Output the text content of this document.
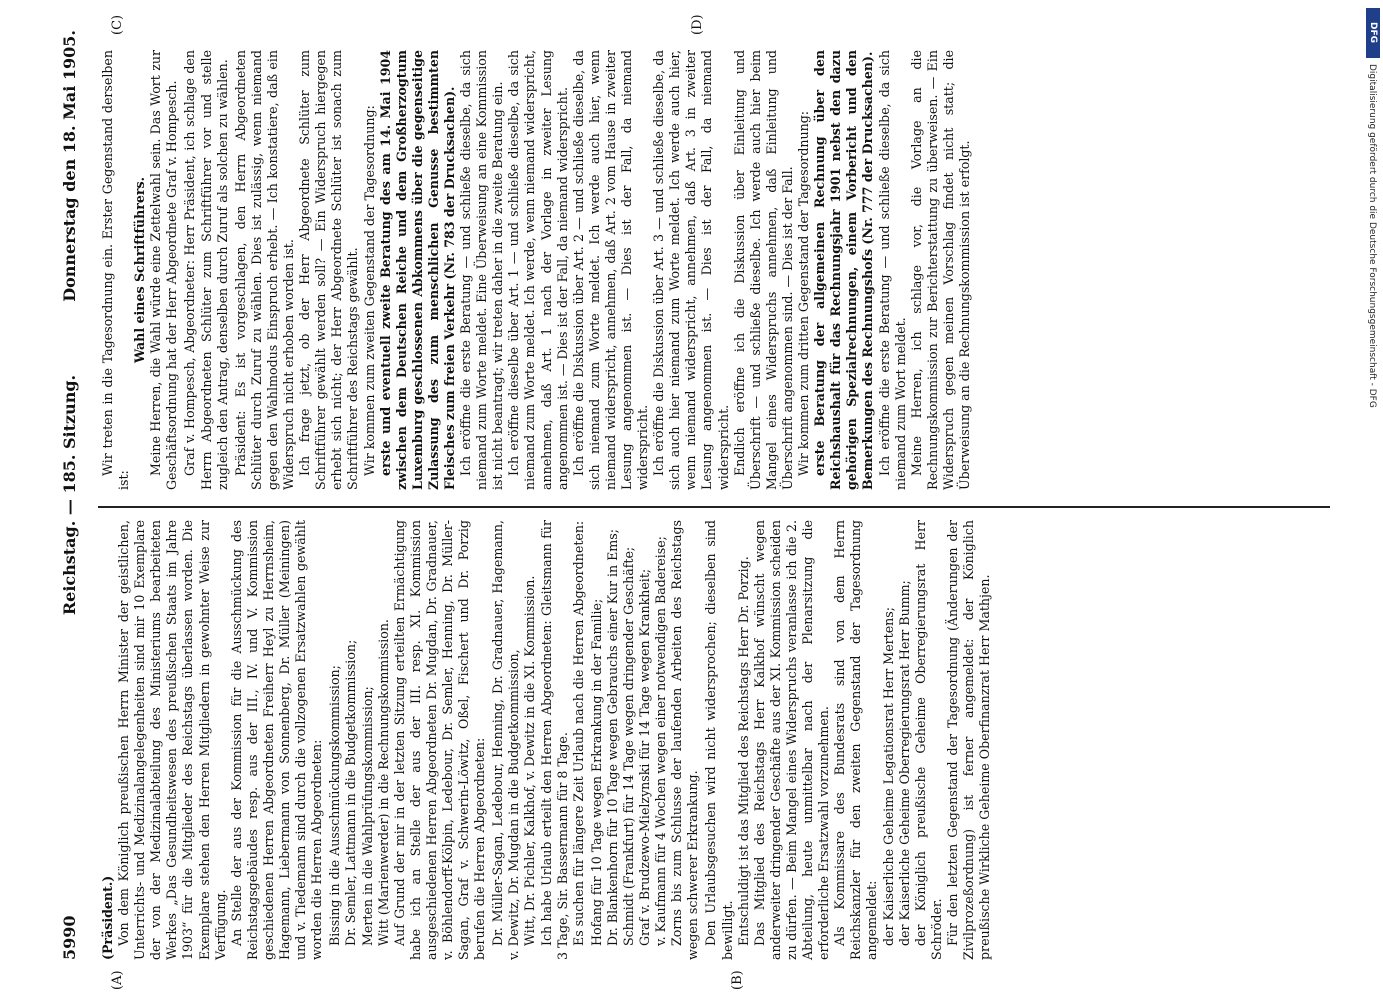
5990
Reichstag. — 185. Sitzung.
Donnerstag den 18. Mai 1905.
(A)	(B)
(C)	(D)

(Präsident.) Von dem Königlich preußischen Herrn Minister der geistlichen, Unterrichts- und Medizinalangelegenheiten sind mir 10 Exemplare der von der Medizinalabteilung des Ministeriums bearbeiteten Werkes „Das Gesundheitswesen des preußischen Staats im Jahre 1903“ für die Mitglieder des Reichstags überlassen worden. Die Exemplare stehen den Herren Mitgliedern in gewohnter Weise zur Verfügung. An Stelle der aus der Kommission für die Ausschmückung des Reichstagsgebäudes resp. aus der III., IV. und V. Kommission geschiedenen Herren Abgeordneten Freiherr Heyl zu Herrnsheim, Hagemann, Liebermann von Sonnenberg, Dr. Müller (Meiningen) und v. Tiedemann sind durch die vollzogenen Ersatzwahlen gewählt worden die Herren Abgeordneten: Bissing in die Ausschmückungskommission; Dr. Semler, Lattmann in die Budgetkommission; Merten in die Wahlprüfungskommission; Witt (Marienwerder) in die Rechnungskommission. Auf Grund der mir in der letzten Sitzung erteilten Ermächtigung habe ich an Stelle der aus der III. resp. XI. Kommission ausgeschiedenen Herren Abgeordneten Dr. Mugdan, Dr. Gradnauer, v. Böhlendorff-Kölpin, Ledebour, Dr. Semler, Henning, Dr. Müller-Sagan, Graf v. Schwerin-Löwitz, Oßel, Fischert und Dr. Porzig berufen die Herren Abgeordneten: Dr. Müller-Sagan, Ledebour, Henning, Dr. Gradnauer, Hagemann, v. Dewitz, Dr. Mugdan in die Budgetkommission, Witt, Dr. Pichler, Kalkhof, v. Dewitz in die XI. Kommission. Ich habe Urlaub erteilt den Herren Abgeordneten: Gleitsmann für 3 Tage, Sir. Bassermann für 8 Tage. Es suchen für längere Zeit Urlaub nach die Herren Abgeordneten: Hofang für 10 Tage wegen Erkrankung in der Familie; Dr. Blankenhorn für 10 Tage wegen Gebrauchs einer Kur in Ems; Schmidt (Frankfurt) für 14 Tage wegen dringender Geschäfte; Graf v. Brudzewo-Mielzynski für 14 Tage wegen Krankheit; v. Kaufmann für 4 Wochen wegen einer notwendigen Badereise; Zorns bis zum Schlusse der laufenden Arbeiten des Reichstags wegen schwerer Erkrankung. Den Urlaubsgesuchen wird nicht widersprochen; dieselben sind bewilligt. Entschuldigt ist das Mitglied des Reichstags Herr Dr. Porzig. Das Mitglied des Reichstags Herr Kalkhof wünscht wegen anderweiter dringender Geschäfte aus der XI. Kommission scheiden zu dürfen. — Beim Mangel eines Widerspruchs veranlasse ich die 2. Abteilung, heute unmittelbar nach der Plenarsitzung die erforderliche Ersatzwahl vorzunehmen. Als Kommissare des Bundesrats sind von dem Herrn Reichskanzler für den zweiten Gegenstand der Tagesordnung angemeldet: der Kaiserliche Geheime Legationsrat Herr Mertens; der Kaiserliche Geheime Oberregierungsrat Herr Bumm; der Königlich preußische Geheime Oberregierungsrat Herr Schröder. Für den letzten Gegenstand der Tagesordnung (Änderungen der Zivilprozeßordnung) ist ferner angemeldet: der Königlich preußische Wirkliche Geheime Oberfinanzrat Herr Mathjen.

Wir treten in die Tagesordnung ein. Erster Gegenstand derselben ist:

Wahl eines Schriftführers. Meine Herren, die Wahl würde eine Zettelwahl sein. Das Wort zur Geschäftsordnung hat der Herr Abgeordnete Graf v. Hompesch. Graf v. Hompesch, Abgeordneter: Herr Präsident, ich schlage den Herrn Abgeordneten Schlüter zum Schriftführer vor und stelle zugleich den Antrag, denselben durch Zuruf als solchen zu wählen. Präsident: Es ist vorgeschlagen, den Herrn Abgeordneten Schlüter durch Zuruf zu wählen. Dies ist zulässig, wenn niemand gegen den Wahlmodus Einspruch erhebt. — Ich konstatiere, daß ein Widerspruch nicht erhoben worden ist. Ich frage jetzt, ob der Herr Abgeordnete Schlüter zum Schriftführer gewählt werden soll? — Ein Widerspruch hiergegen erhebt sich nicht; der Herr Abgeordnete Schlüter ist sonach zum Schriftführer des Reichstags gewählt. Wir kommen zum zweiten Gegenstand der Tagesordnung: erste und eventuell zweite Beratung des am 14. Mai 1904 zwischen dem Deutschen Reiche und dem Großherzogtum Luxemburg geschlossenen Abkommens über die gegenseitige Zulassung des zum menschlichen Genusse bestimmten Fleisches zum freien Verkehr (Nr. 783 der Drucksachen). Ich eröffne die erste Beratung — und schließe dieselbe, da sich niemand zum Worte meldet. Eine Überweisung an eine Kommission ist nicht beantragt; wir treten daher in die zweite Beratung ein. Ich eröffne dieselbe über Art. 1 — und schließe dieselbe, da sich niemand zum Worte meldet. Ich werde, wenn niemand widerspricht, annehmen, daß Art. 1 nach der Vorlage in zweiter Lesung angenommen ist. — Dies ist der Fall, da niemand widerspricht. Ich eröffne die Diskussion über Art. 2 — und schließe dieselbe, da sich niemand zum Worte meldet. Ich werde auch hier, wenn niemand widerspricht, annehmen, daß Art. 2 vom Hause in zweiter Lesung angenommen ist. — Dies ist der Fall, da niemand widerspricht. Ich eröffne die Diskussion über Art. 3 — und schließe dieselbe, da sich auch hier niemand zum Worte meldet. Ich werde auch hier, wenn niemand widerspricht, annehmen, daß Art. 3 in zweiter Lesung angenommen ist. — Dies ist der Fall, da niemand widerspricht. Endlich eröffne ich die Diskussion über Einleitung und Überschrift — und schließe dieselbe. Ich werde auch hier beim Mangel eines Widerspruchs annehmen, daß Einleitung und Überschrift angenommen sind. — Dies ist der Fall. Wir kommen zum dritten Gegenstand der Tagesordnung: erste Beratung der allgemeinen Rechnung über den Reichshaushalt für das Rechnungsjahr 1901 nebst den dazu gehörigen Spezialrechnungen, einem Vorbericht und den Bemerkungen des Rechnungshofs (Nr. 777 der Drucksachen). Ich eröffne die erste Beratung — und schließe dieselbe, da sich niemand zum Wort meldet. Meine Herren, ich schlage vor, die Vorlage an die Rechnungskommission zur Berichterstattung zu überweisen. — Ein Widerspruch gegen meinen Vorschlag findet nicht statt; die Überweisung an die Rechnungskommission ist erfolgt.

DFG
Digitalisierung gefördert durch die Deutsche Forschungsgemeinschaft - DFG
